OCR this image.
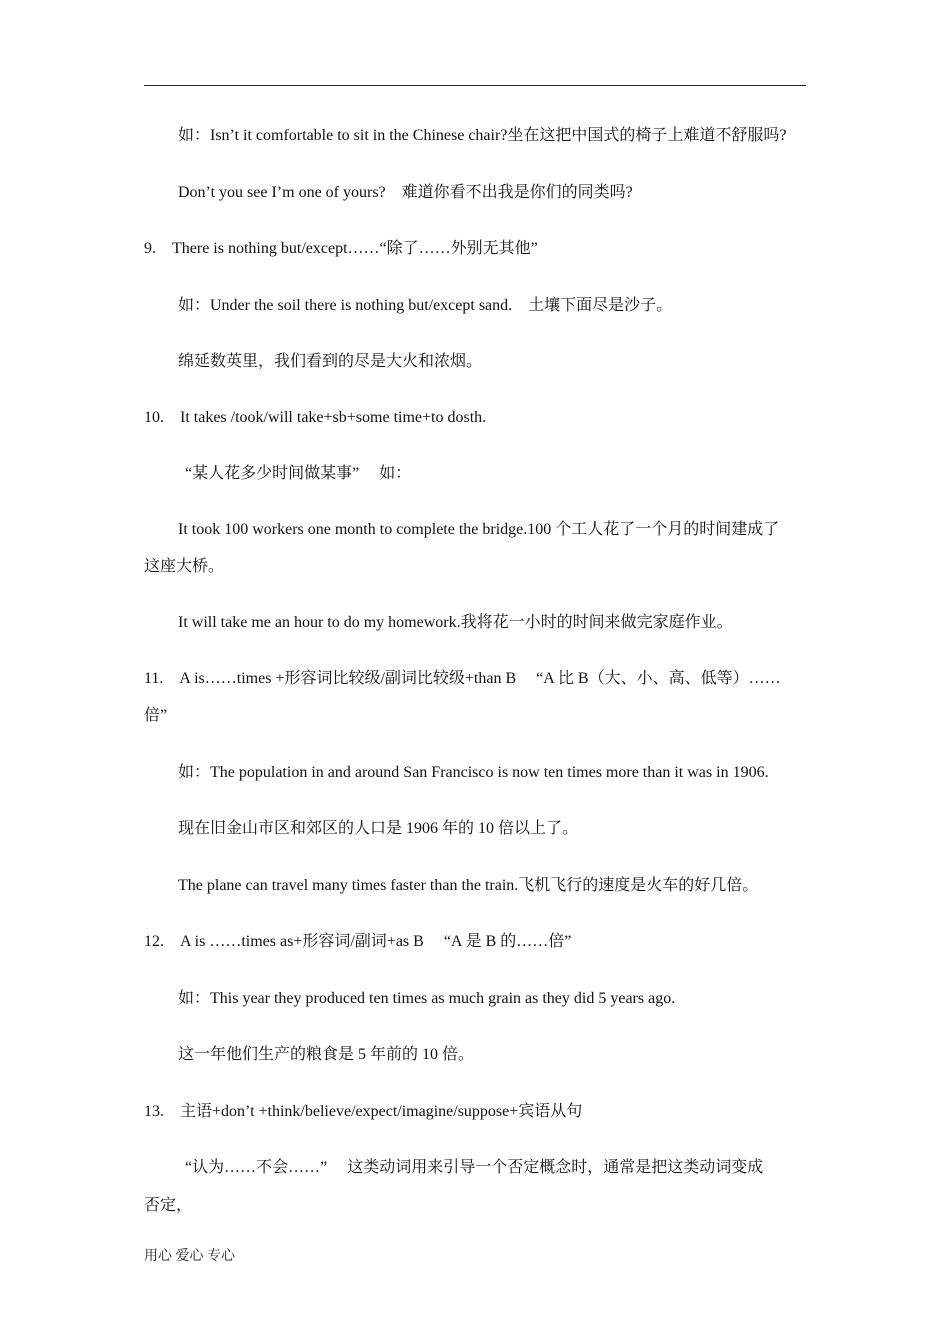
如：Isn’t it comfortable to sit in the Chinese chair?坐在这把中国式的椅子上难道不舒服吗?
Don’t you see I’m one of yours?　难道你看不出我是你们的同类吗?
9.　There is nothing but/except……“除了……外别无其他”
如：Under the soil there is nothing but/except sand.　土壤下面尽是沙子。
绵延数英里，我们看到的尽是大火和浓烟。
10.　It takes /took/will take+sb+some time+to dosth.
“某人花多少时间做某事”　 如：
It took 100 workers one month to complete the bridge.100 个工人花了一个月的时间建成了
这座大桥。
It will take me an hour to do my homework.我将花一小时的时间来做完家庭作业。
11.　A is……times +形容词比较级/副词比较级+than B　 “A 比 B（大、小、高、低等）……
倍”
如：The population in and around San Francisco is now ten times more than it was in 1906.
现在旧金山市区和郊区的人口是 1906 年的 10 倍以上了。
The plane can travel many times faster than the train.飞机飞行的速度是火车的好几倍。
12.　A is ……times as+形容词/副词+as B　 “A 是 B 的……倍”
如：This year they produced ten times as much grain as they did 5 years ago.
这一年他们生产的粮食是 5 年前的 10 倍。
13.　主语+don’t +think/believe/expect/imagine/suppose+宾语从句
“认为……不会……”　 这类动词用来引导一个否定概念时，通常是把这类动词变成
否定，
用心 爱心 专心
